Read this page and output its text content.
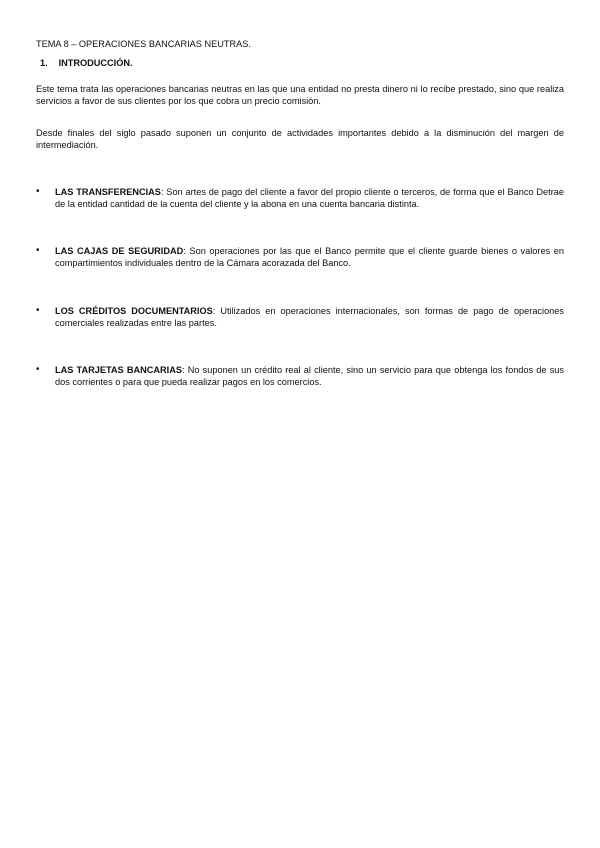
TEMA 8 – OPERACIONES BANCARIAS NEUTRAS.
1. INTRODUCCIÓN.
Este tema trata las operaciones bancarias neutras en las que una entidad no presta dinero ni lo recibe prestado, sino que realiza servicios a favor de sus clientes por los que cobra un precio comisión.
Desde finales del siglo pasado suponen un conjunto de actividades importantes debido a la disminución del margen de intermediación.
• LAS TRANSFERENCIAS: Son artes de pago del cliente a favor del propio cliente o terceros, de forma que el Banco Detrae de la entidad cantidad de la cuenta del cliente y la abona en una cuenta bancaria distinta.
• LAS CAJAS DE SEGURIDAD: Son operaciones por las que el Banco permite que el cliente guarde bienes o valores en compartimientos individuales dentro de la Cámara acorazada del Banco.
• LOS CRÉDITOS DOCUMENTARIOS: Utilizados en operaciones internacionales, son formas de pago de operaciones comerciales realizadas entre las partes.
• LAS TARJETAS BANCARIAS: No suponen un crédito real al cliente, sino un servicio para que obtenga los fondos de sus dos corrientes o para que pueda realizar pagos en los comercios.
